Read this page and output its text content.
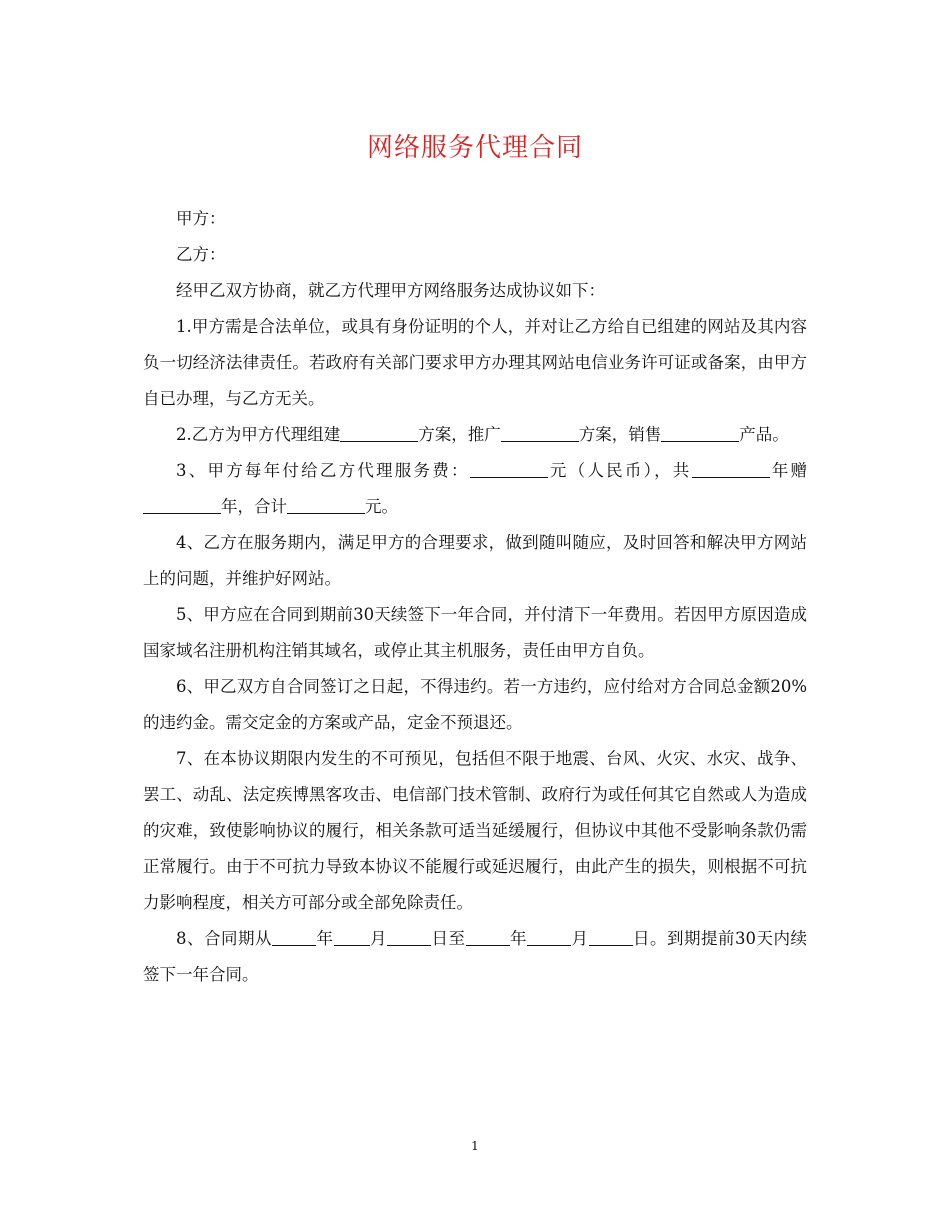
网络服务代理合同

甲方：

乙方：

经甲乙双方协商，就乙方代理甲方网络服务达成协议如下：

1.甲方需是合法单位，或具有身份证明的个人，并对让乙方给自已组建的网站及其内容负一切经济法律责任。若政府有关部门要求甲方办理其网站电信业务许可证或备案，由甲方自已办理，与乙方无关。

2.乙方为甲方代理组建	方案，推广	方案，销售	产品。

3、甲方每年付给乙方代理服务费：	元（人民币），共	年赠年，合计	元。

4、乙方在服务期内，满足甲方的合理要求，做到随叫随应，及时回答和解决甲方网站上的问题，并维护好网站。

5、甲方应在合同到期前30天续签下一年合同，并付清下一年费用。若因甲方原因造成国家域名注册机构注销其域名，或停止其主机服务，责任由甲方自负。

6、甲乙双方自合同签订之日起，不得违约。若一方违约，应付给对方合同总金额20%的违约金。需交定金的方案或产品，定金不预退还。

7、在本协议期限内发生的不可预见，包括但不限于地震、台风、火灾、水灾、战争、罢工、动乱、法定疾博黑客攻击、电信部门技术管制、政府行为或任何其它自然或人为造成的灾难，致使影响协议的履行，相关条款可适当延缓履行，但协议中其他不受影响条款仍需正常履行。由于不可抗力导致本协议不能履行或延迟履行，由此产生的损失，则根据不可抗力影响程度，相关方可部分或全部免除责任。

8、合同期从	年 月	日至	年	月	日。到期提前30天内续签下一年合同。

1
